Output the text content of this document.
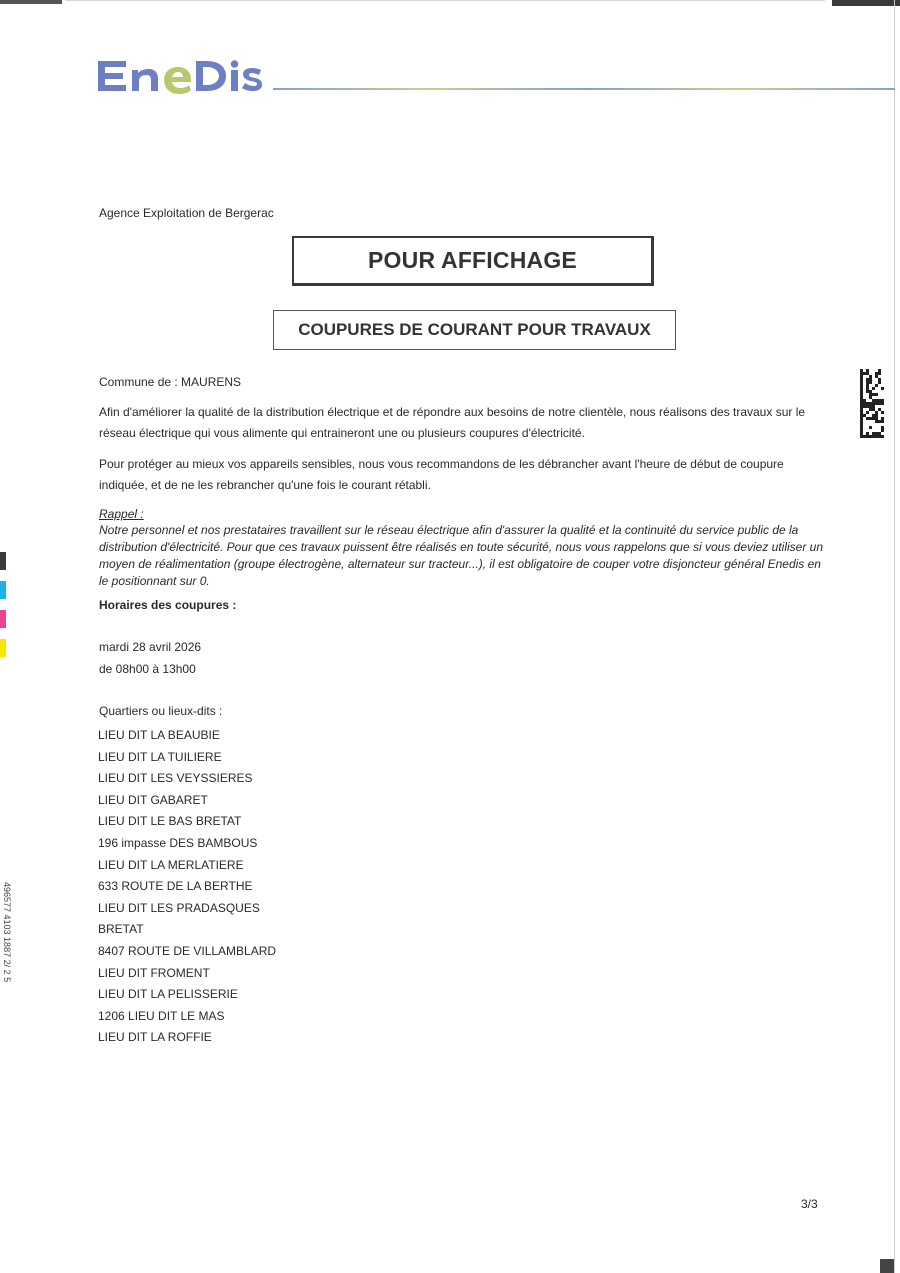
Agence Exploitation de Bergerac
POUR AFFICHAGE
COUPURES DE COURANT POUR TRAVAUX
Commune de : MAURENS
Afin d'améliorer la qualité de la distribution électrique et de répondre aux besoins de notre clientèle, nous réalisons des travaux sur le réseau électrique qui vous alimente qui entraineront une ou plusieurs coupures d'électricité.
Pour protéger au mieux vos appareils sensibles, nous vous recommandons de les débrancher avant l'heure de début de coupure indiquée, et de ne les rebrancher qu'une fois le courant rétabli.
Rappel :
Notre personnel et nos prestataires travaillent sur le réseau électrique afin d'assurer la qualité et la continuité du service public de la distribution d'électricité. Pour que ces travaux puissent être réalisés en toute sécurité, nous vous rappelons que si vous deviez utiliser un moyen de réalimentation (groupe électrogène, alternateur sur tracteur...), il est obligatoire de couper votre disjoncteur général Enedis en le positionnant sur 0.
Horaires des coupures :
mardi 28 avril 2026
de 08h00 à 13h00
Quartiers ou lieux-dits :
LIEU DIT LA BEAUBIE
LIEU DIT LA TUILIERE
LIEU DIT LES VEYSSIERES
LIEU DIT GABARET
LIEU DIT LE BAS BRETAT
196 impasse DES BAMBOUS
LIEU DIT LA MERLATIERE
633 ROUTE DE LA BERTHE
LIEU DIT LES PRADASQUES
BRETAT
8407 ROUTE DE VILLAMBLARD
LIEU DIT FROMENT
LIEU DIT LA PELISSERIE
1206 LIEU DIT LE MAS
LIEU DIT LA ROFFIE
496577 4103 1887 2/ 2 5
3/3
